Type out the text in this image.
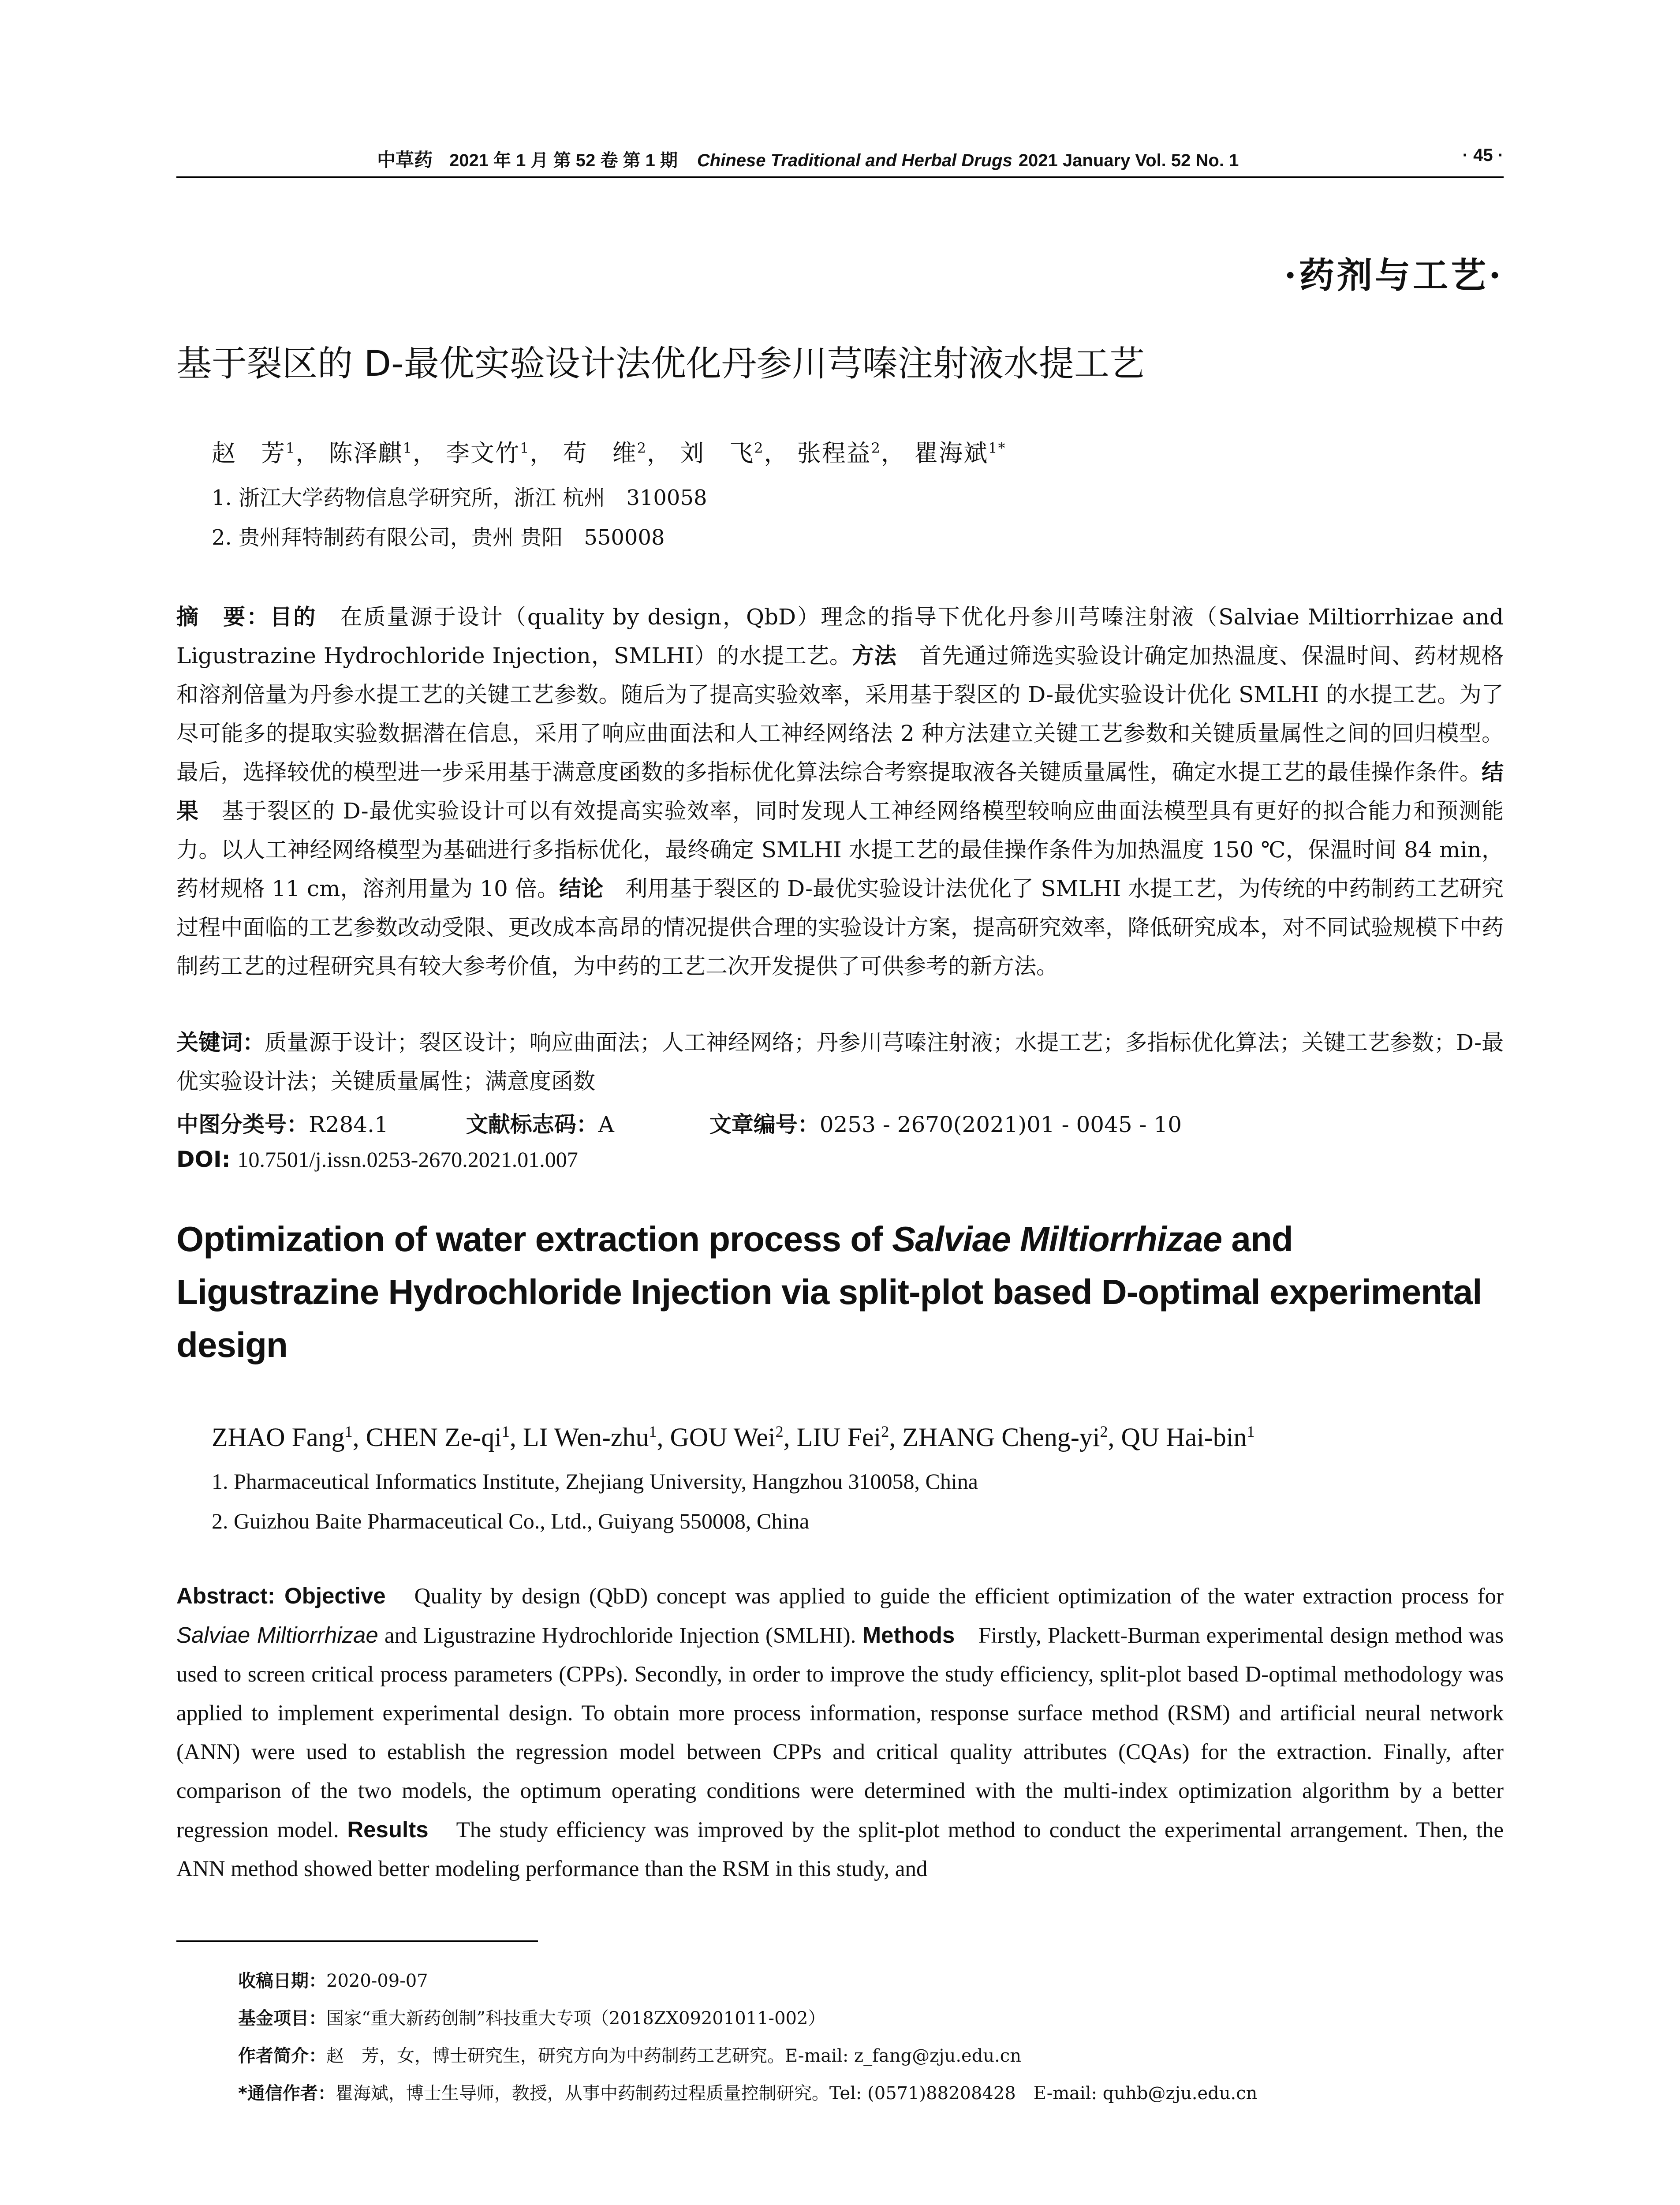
中草药 2021 年 1 月 第 52 卷 第 1 期 Chinese Traditional and Herbal Drugs 2021 January Vol. 52 No. 1	· 45 ·
·药剂与工艺·
基于裂区的 D-最优实验设计法优化丹参川芎嗪注射液水提工艺
赵　芳$^1$， 陈泽麒$^1$， 李文竹$^1$， 苟　维$^2$， 刘　飞$^2$， 张程益$^2$， 瞿海斌$^{1*}$
1. 浙江大学药物信息学研究所，浙江 杭州　310058
2. 贵州拜特制药有限公司，贵州 贵阳　550008
摘　要：目的　在质量源于设计（quality by design，QbD）理念的指导下优化丹参川芎嗪注射液（Salviae Miltiorrhizae and Ligustrazine Hydrochloride Injection，SMLHI）的水提工艺。方法　首先通过筛选实验设计确定加热温度、保温时间、药材规格和溶剂倍量为丹参水提工艺的关键工艺参数。随后为了提高实验效率，采用基于裂区的 D-最优实验设计优化 SMLHI 的水提工艺。为了尽可能多的提取实验数据潜在信息，采用了响应曲面法和人工神经网络法 2 种方法建立关键工艺参数和关键质量属性之间的回归模型。最后，选择较优的模型进一步采用基于满意度函数的多指标优化算法综合考察提取液各关键质量属性，确定水提工艺的最佳操作条件。结果　基于裂区的 D-最优实验设计可以有效提高实验效率，同时发现人工神经网络模型较响应曲面法模型具有更好的拟合能力和预测能力。以人工神经网络模型为基础进行多指标优化，最终确定 SMLHI 水提工艺的最佳操作条件为加热温度 150 ℃，保温时间 84 min，药材规格 11 cm，溶剂用量为 10 倍。结论　利用基于裂区的 D-最优实验设计法优化了 SMLHI 水提工艺，为传统的中药制药工艺研究过程中面临的工艺参数改动受限、更改成本高昂的情况提供合理的实验设计方案，提高研究效率，降低研究成本，对不同试验规模下中药制药工艺的过程研究具有较大参考价值，为中药的工艺二次开发提供了可供参考的新方法。
关键词：质量源于设计；裂区设计；响应曲面法；人工神经网络；丹参川芎嗪注射液；水提工艺；多指标优化算法；关键工艺参数；D-最优实验设计法；关键质量属性；满意度函数
中图分类号：R284.1	文献标志码：A	文章编号：0253 - 2670(2021)01 - 0045 - 10
DOI: 10.7501/j.issn.0253-2670.2021.01.007
Optimization of water extraction process of Salviae Miltiorrhizae and Ligustrazine Hydrochloride Injection via split-plot based D-optimal experimental design
ZHAO Fang$^1$, CHEN $Ze-qi^1$, LI Wen-zhu$^1$, GOU Wei$^2$, LIU Fei$^2$, ZHANG Cheng-$yi^2$, QU Hai-bin$^1$
1. Pharmaceutical Informatics Institute, Zhejiang University, Hangzhou 310058, China
2. Guizhou Baite Pharmaceutical Co., Ltd., Guiyang 550008, China
Abstract: Objective　Quality by design (QbD) concept was applied to guide the efficient optimization of the water extraction process for Salviae Miltiorrhizae and Ligustrazine Hydrochloride Injection (SMLHI). Methods　Firstly, Plackett-Burman experimental design method was used to screen critical process parameters (CPPs). Secondly, in order to improve the study efficiency, split-plot based D-optimal methodology was applied to implement experimental design. To obtain more process information, response surface method (RSM) and artificial neural network (ANN) were used to establish the regression model between CPPs and critical quality attributes (CQAs) for the extraction. Finally, after comparison of the two models, the optimum operating conditions were determined with the multi-index optimization algorithm by a better regression model. Results　The study efficiency was improved by the split-plot method to conduct the experimental arrangement. Then, the ANN method showed better modeling performance than the RSM in this study, and
收稿日期：2020-09-07
基金项目：国家“重大新药创制”科技重大专项（2018ZX09201011-002）
作者简介：赵　芳，女，博士研究生，研究方向为中药制药工艺研究。E-mail: z_fang@zju.edu.cn
*通信作者：瞿海斌，博士生导师，教授，从事中药制药过程质量控制研究。Tel: (0571)88208428　E-mail: quhb@zju.edu.cn
